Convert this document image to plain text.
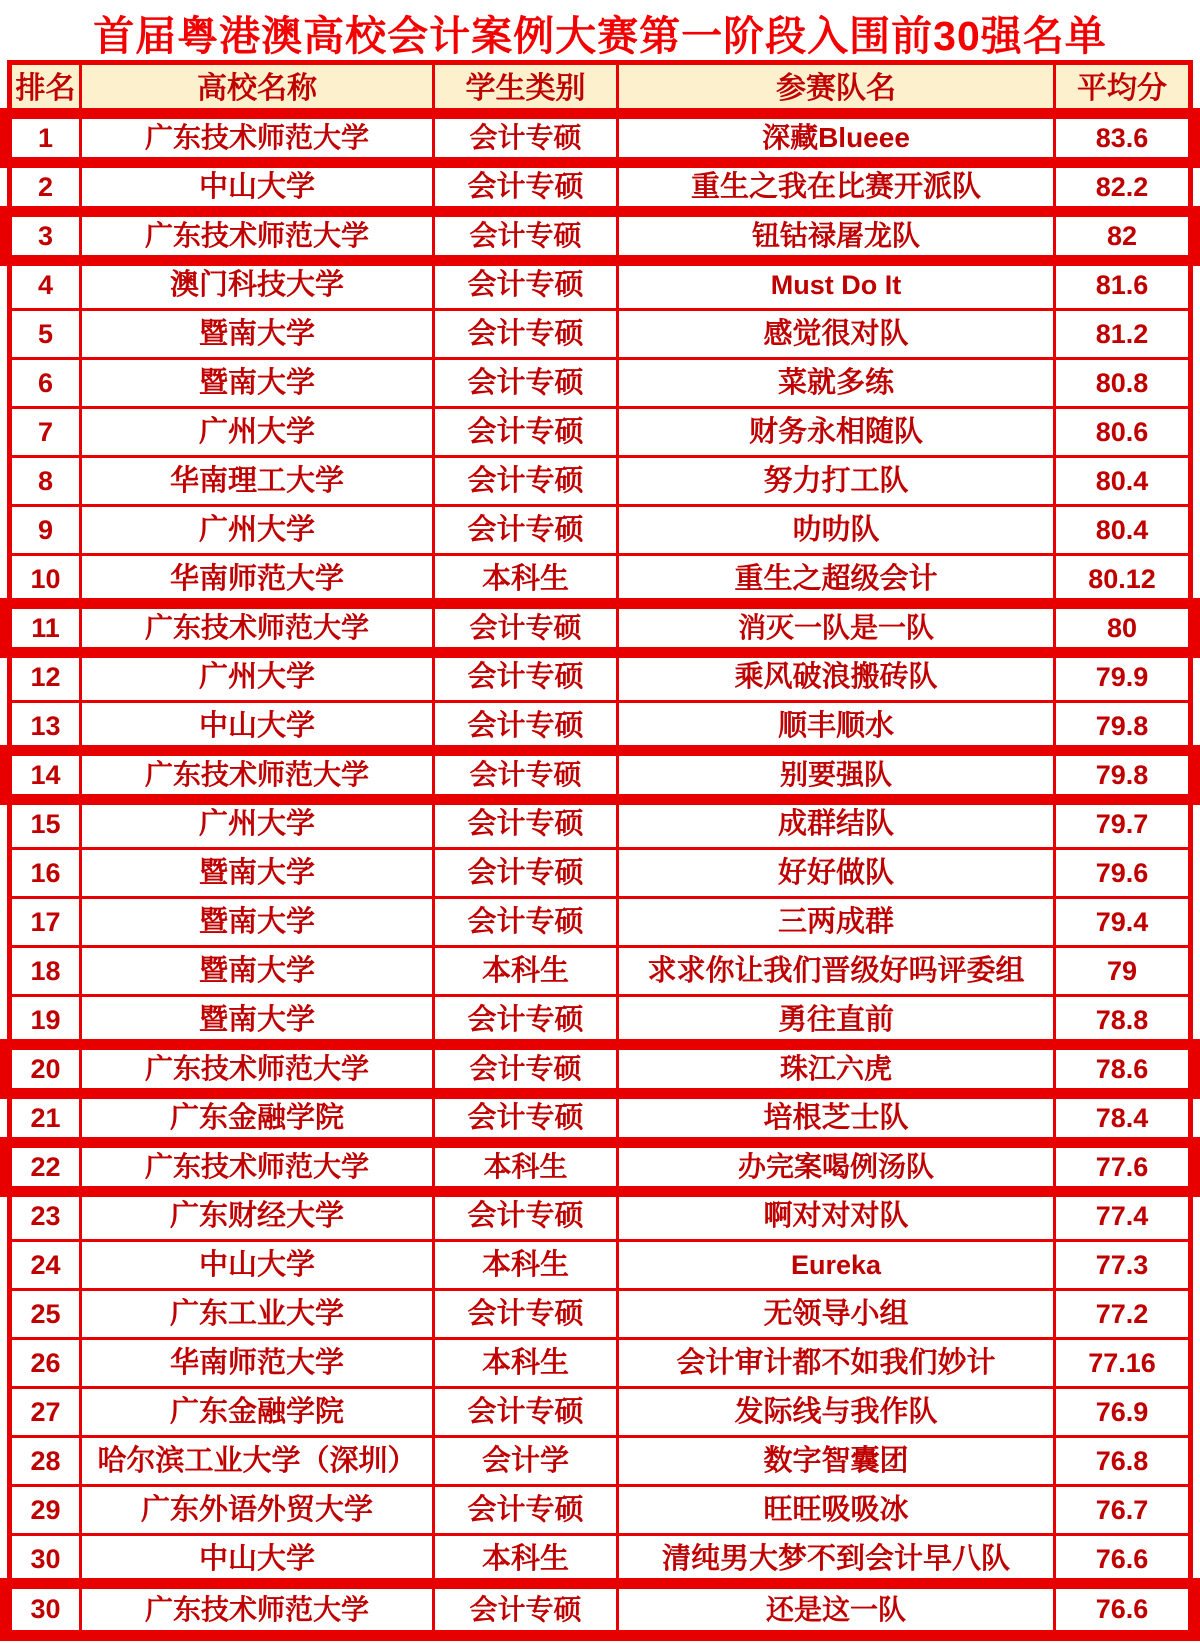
首届粤港澳高校会计案例大赛第一阶段入围前30强名单
排名	高校名称	学生类别	参赛队名	平均分
1	广东技术师范大学	会计专硕	深藏Blueee	83.6
2	中山大学	会计专硕	重生之我在比赛开派队	82.2
3	广东技术师范大学	会计专硕	钮钴禄屠龙队	82
4	澳门科技大学	会计专硕	Must Do It	81.6
5	暨南大学	会计专硕	感觉很对队	81.2
6	暨南大学	会计专硕	菜就多练	80.8
7	广州大学	会计专硕	财务永相随队	80.6
8	华南理工大学	会计专硕	努力打工队	80.4
9	广州大学	会计专硕	叻叻队	80.4
10	华南师范大学	本科生	重生之超级会计	80.12
11	广东技术师范大学	会计专硕	消灭一队是一队	80
12	广州大学	会计专硕	乘风破浪搬砖队	79.9
13	中山大学	会计专硕	顺丰顺水	79.8
14	广东技术师范大学	会计专硕	别要强队	79.8
15	广州大学	会计专硕	成群结队	79.7
16	暨南大学	会计专硕	好好做队	79.6
17	暨南大学	会计专硕	三两成群	79.4
18	暨南大学	本科生	求求你让我们晋级好吗评委组	79
19	暨南大学	会计专硕	勇往直前	78.8
20	广东技术师范大学	会计专硕	珠江六虎	78.6
21	广东金融学院	会计专硕	培根芝士队	78.4
22	广东技术师范大学	本科生	办完案喝例汤队	77.6
23	广东财经大学	会计专硕	啊对对对队	77.4
24	中山大学	本科生	Eureka	77.3
25	广东工业大学	会计专硕	无领导小组	77.2
26	华南师范大学	本科生	会计审计都不如我们妙计	77.16
27	广东金融学院	会计专硕	发际线与我作队	76.9
28	哈尔滨工业大学（深圳）	会计学	数字智囊团	76.8
29	广东外语外贸大学	会计专硕	旺旺吸吸冰	76.7
30	中山大学	本科生	清纯男大梦不到会计早八队	76.6
30	广东技术师范大学	会计专硕	还是这一队	76.6
